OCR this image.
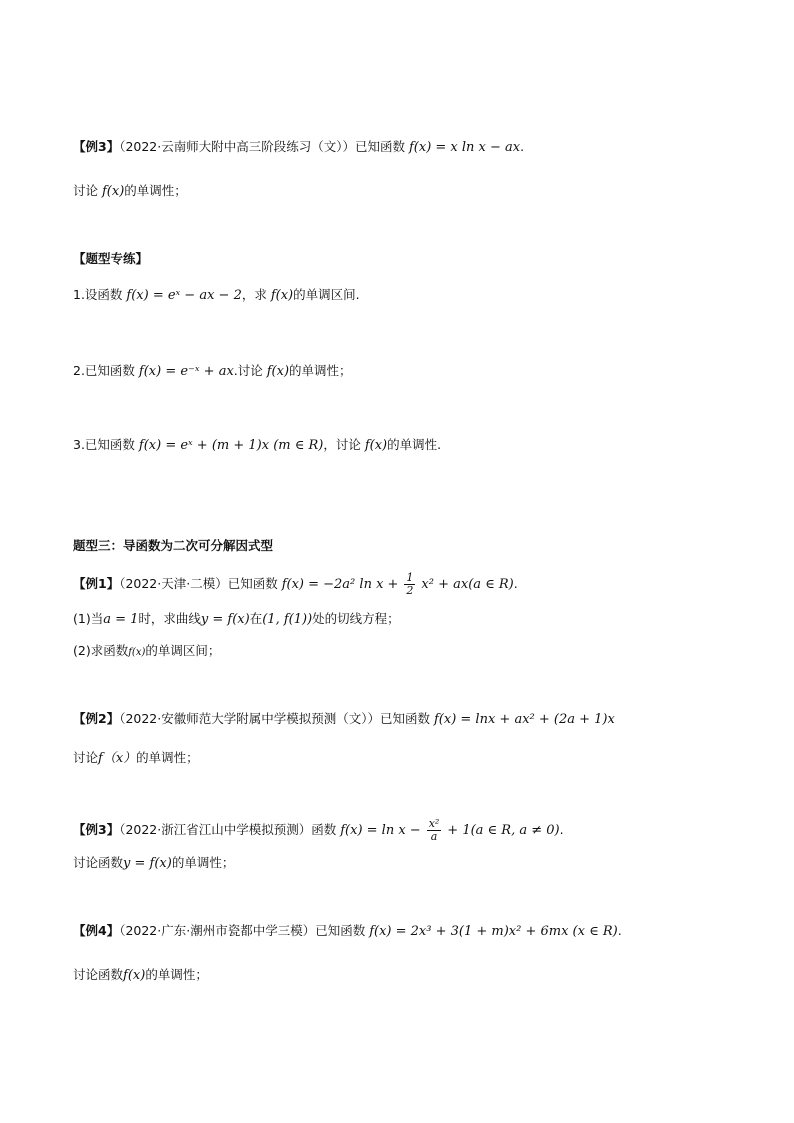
【例3】（2022·云南师大附中高三阶段练习（文））已知函数 f(x) = x ln x − ax.
讨论 f(x)的单调性；
【题型专练】
1.设函数 f(x) = eˣ − ax − 2，求 f(x)的单调区间.
2.已知函数 f(x) = e⁻ˣ + ax.讨论 f(x)的单调性；
3.已知函数 f(x) = eˣ + (m + 1)x (m ∈ R)，讨论 f(x)的单调性.
题型三：导函数为二次可分解因式型
【例1】（2022·天津·二模）已知函数 f(x) = −2a² $\ln x + \frac{1}{2} x^2 + ax(a$ ∈ R).
(1)当a = 1时，求曲线y = f(x)在(1, f(1))处的切线方程；
(2)求函数f(x)的单调区间；
【例2】（2022·安徽师范大学附属中学模拟预测（文））已知函数 f(x) = lnx + ax² + (2a + 1)x
讨论f（x）的单调性；
【例3】（2022·浙江省江山中学模拟预测）函数 $f(x) = \ln x - \frac{\text{x²}}{a} + 1(a$ ∈ R, a ≠ 0).
讨论函数y = f(x)的单调性；
【例4】（2022·广东·潮州市瓷都中学三模）已知函数 f(x) = 2x³ + 3(1 + m)x² + 6mx (x ∈ R).
讨论函数f(x)的单调性；
